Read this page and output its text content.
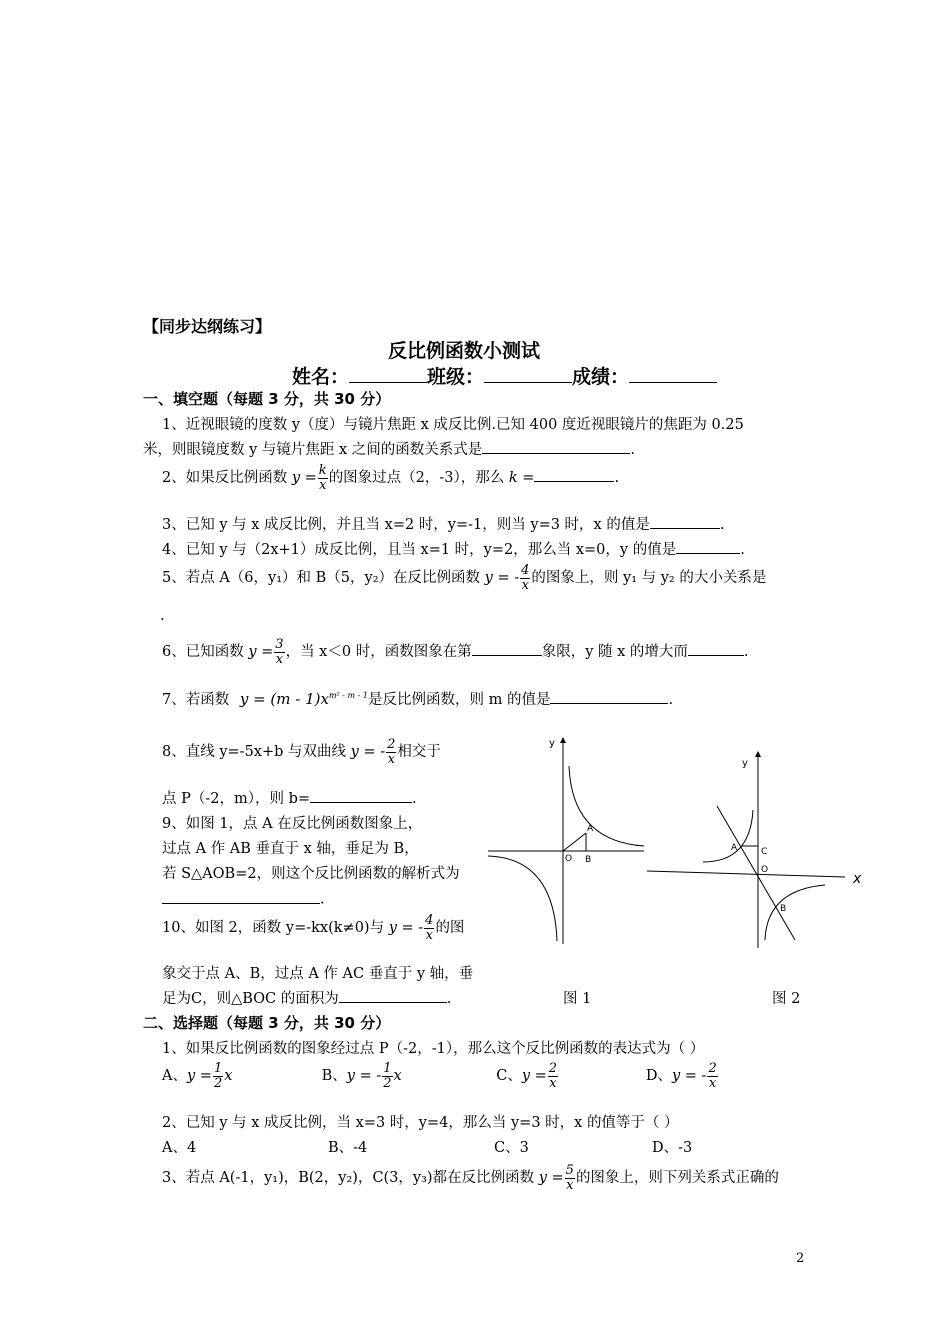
【同步达纲练习】
反比例函数小测试
姓名：	班级：	成绩：
一、填空题（每题 3 分，共 30 分）
1、近视眼镜的度数 y（度）与镜片焦距 x 成反比例.已知 400 度近视眼镜片的焦距为 0.25
米，则眼镜度数 y 与镜片焦距 x 之间的函数关系式是	.
2、如果反比例函数 $y = \frac{k}{x}$ 的图象过点（2，-3），那么 k =	.
3、已知 y 与 x 成反比例，并且当 x=2 时，y=-1，则当 y=3 时，x 的值是	.
4、已知 y 与（2x+1）成反比例，且当 x=1 时，y=2，那么当 x=0，y 的值是	.
5、若点 A（6，y₁）和 B（5，y₂）在反比例函数 y = - $\frac{4}{x}$ 的图象上，则 y₁ 与 y₂ 的大小关系是
.
6、已知函数 $y = \frac{3}{x}$ ，当 x＜0 时，函数图象在第	象限，y 随 x 的增大而	.
7、若函数 $y = (m - 1)x^{m^2 - m - 1}$是反比例函数，则 m 的值是	.
8、直线 y=-5x+b 与双曲线 y = - $\frac{2}{x}$ 相交于
点 P（-2，m），则 b=	.
9、如图 1，点 A 在反比例函数图象上，
过点 A 作 AB 垂直于 x 轴，垂足为 B，
若 S△AOB=2，则这个反比例函数的解析式为
.
10、如图 2，函数 y=-kx(k≠0)与 y = - $\frac{4}{x}$ 的图
象交于点 A、B，过点 A 作 AC 垂直于 y 轴，垂
足为C，则△BOC 的面积为	.
y
O
A
B
y
x
A	C
O
B
图 1	图 2
二、选择题（每题 3 分，共 30 分）
1、如果反比例函数的图象经过点 P（-2，-1），那么这个反比例函数的表达式为（ ）
A、$y = \frac{1}{2}$ x	B、y = - $\frac{1}{2}$ x	C、$y = \frac{2}{x}$	D、y = - $\frac{2}{x}$
2、已知 y 与 x 成反比例，当 x=3 时，y=4，那么当 y=3 时，x 的值等于（ ）
A、4	B、-4	C、3	D、-3
3、若点 A(-1，y₁)，B(2，y₂)，C(3，y₃)都在反比例函数 $y = \frac{5}{x}$ 的图象上，则下列关系式正确的
2
